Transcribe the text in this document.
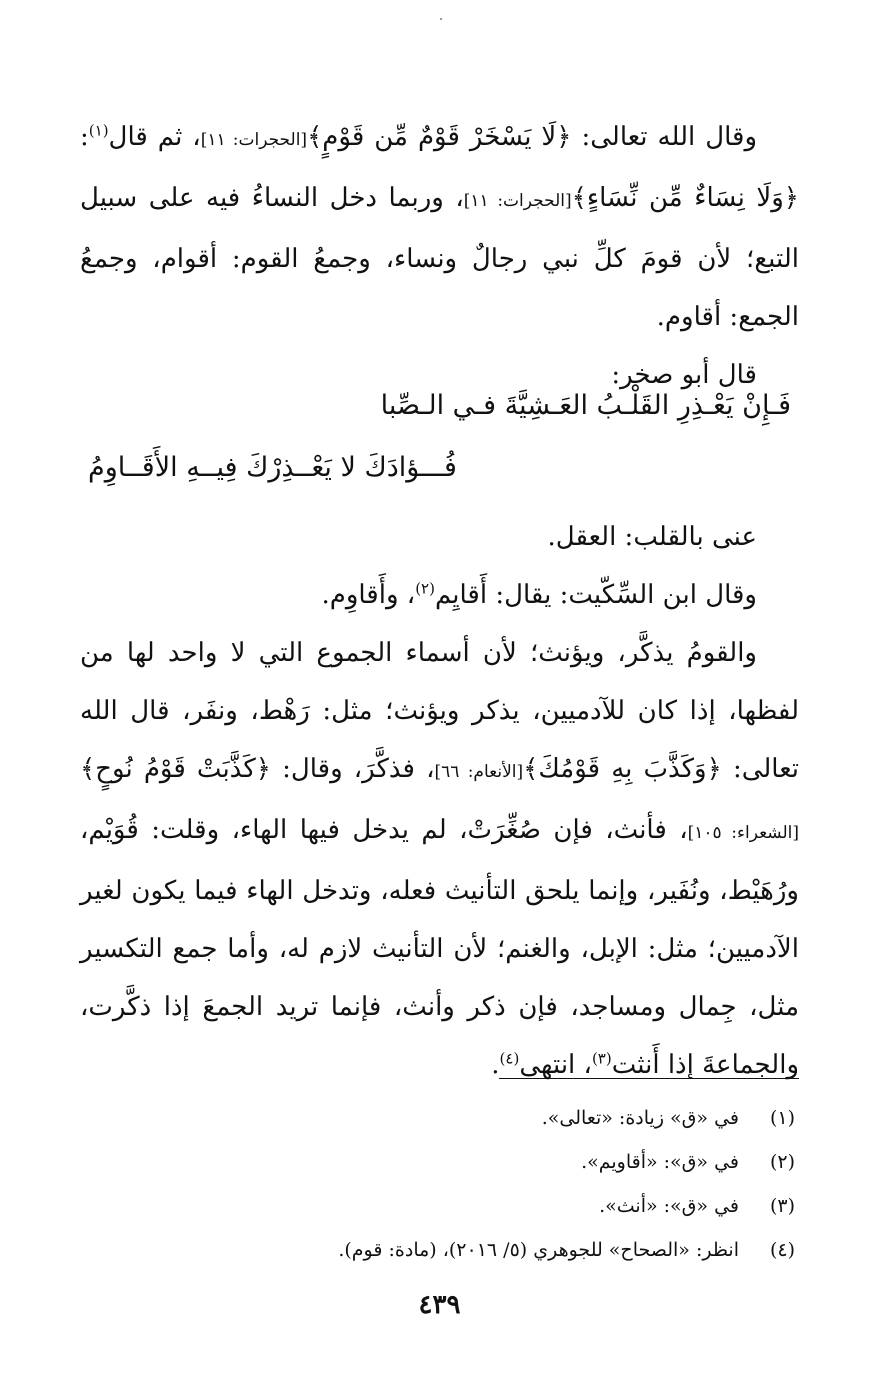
وقال الله تعالى: ﴿لَا يَسْخَرْ قَوْمٌ مِّن قَوْمٍ﴾[الحجرات: ١١]، ثم قال$^{(١)}$: ﴿وَلَا نِسَاءٌ مِّن نِّسَاءٍ﴾[الحجرات: ١١]، وربما دخل النساءُ فيه على سبيل التبع؛ لأن قومَ كلِّ نبي رجالٌ ونساء، وجمعُ القوم: أقوام، وجمعُ الجمع: أقاوم.

قال أبو صخر:

فَـإِنْ يَعْـذِرِ القَلْـبُ العَـشِيَّةَ فـي الـصِّبا
فُـــؤادَكَ لا يَعْــذِرْكَ فِيــهِ الأَقَــاوِمُ

عنى بالقلب: العقل.

وقال ابن السِّكّيت: يقال: أَقايِم$^{(٢)}$، وأَقاوِم.

والقومُ يذكَّر، ويؤنث؛ لأن أسماء الجموع التي لا واحد لها من لفظها، إذا كان للآدميين، يذكر ويؤنث؛ مثل: رَهْط، ونفَر، قال الله تعالى: ﴿وَكَذَّبَ بِهِ قَوْمُكَ﴾[الأنعام: ٦٦]، فذكَّرَ، وقال: ﴿كَذَّبَتْ قَوْمُ نُوحٍ﴾[الشعراء: ١٠٥]، فأنث، فإن صُغِّرَتْ، لم يدخل فيها الهاء، وقلت: قُوَيْم، ورُهَيْط، ونُفَير، وإنما يلحق التأنيث فعله، وتدخل الهاء فيما يكون لغير الآدميين؛ مثل: الإبل، والغنم؛ لأن التأنيث لازم له، وأما جمع التكسير مثل، جِمال ومساجد، فإن ذكر وأنث، فإنما تريد الجمعَ إذا ذكَّرت، والجماعةَ إذا أَنثت$^{(٣)}$، انتهى$^{(٤)}$.

(١)
في «ق» زيادة: «تعالى».
(٢)
في «ق»: «أقاويم».
(٣)
في «ق»: «أنث».
(٤)
انظر: «الصحاح» للجوهري (٥/ ٢٠١٦)، (مادة: قوم).
٤٣٩
